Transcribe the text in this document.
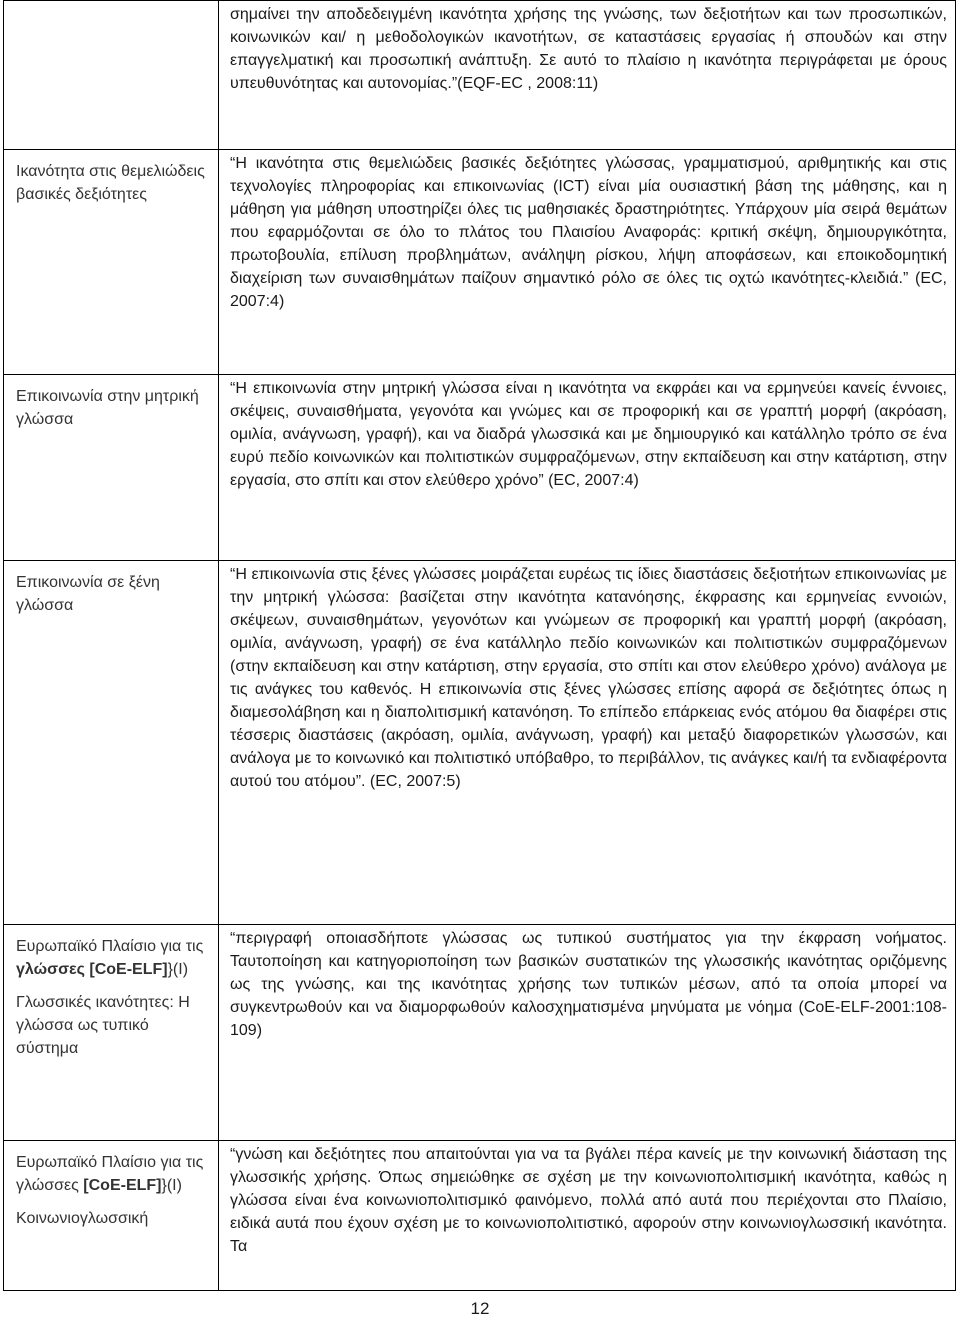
	σημαίνει την αποδεδειγμένη ικανότητα χρήσης της γνώσης, των δεξιοτήτων και των προσωπικών, κοινωνικών και/ η μεθοδολογικών ικανοτήτων, σε καταστάσεις εργασίας ή σπουδών και στην επαγγελματική και προσωπική ανάπτυξη. Σε αυτό το πλαίσιο η ικανότητα περιγράφεται με όρους υπευθυνότητας και αυτονομίας.”(EQF-EC , 2008:11)

Ικανότητα στις θεμελιώδεις βασικές δεξιότητες	“Η ικανότητα στις θεμελιώδεις βασικές δεξιότητες γλώσσας, γραμματισμού, αριθμητικής και στις τεχνολογίες πληροφορίας και επικοινωνίας (ICT) είναι μία ουσιαστική βάση της μάθησης, και η μάθηση για μάθηση υποστηρίζει όλες τις μαθησιακές δραστηριότητες. Υπάρχουν μία σειρά θεμάτων που εφαρμόζονται σε όλο το πλάτος του Πλαισίου Αναφοράς: κριτική σκέψη, δημιουργικότητα, πρωτοβουλία, επίλυση προβλημάτων, ανάληψη ρίσκου, λήψη αποφάσεων, και εποικοδομητική διαχείριση των συναισθημάτων παίζουν σημαντικό ρόλο σε όλες τις οχτώ ικανότητες-κλειδιά.” (EC, 2007:4)

Επικοινωνία στην μητρική γλώσσα	“Η επικοινωνία στην μητρική γλώσσα είναι η ικανότητα να εκφράει και να ερμηνεύει κανείς έννοιες, σκέψεις, συναισθήματα, γεγονότα και γνώμες και σε προφορική και σε γραπτή μορφή (ακρόαση, ομιλία, ανάγνωση, γραφή), και να διαδρά γλωσσικά και με δημιουργικό και κατάλληλο τρόπο σε ένα ευρύ πεδίο κοινωνικών και πολιτιστικών συμφραζόμενων, στην εκπαίδευση και στην κατάρτιση, στην εργασία, στο σπίτι και στον ελεύθερο χρόνο” (EC, 2007:4)

Επικοινωνία σε ξένη γλώσσα	“Η επικοινωνία στις ξένες γλώσσες μοιράζεται ευρέως τις ίδιες διαστάσεις δεξιοτήτων επικοινωνίας με την μητρική γλώσσα: βασίζεται στην ικανότητα κατανόησης, έκφρασης και ερμηνείας εννοιών, σκέψεων, συναισθημάτων, γεγονότων και γνώμεων σε προφορική και γραπτή μορφή (ακρόαση, ομιλία, ανάγνωση, γραφή) σε ένα κατάλληλο πεδίο κοινωνικών και πολιτιστικών συμφραζόμενων (στην εκπαίδευση και στην κατάρτιση, στην εργασία, στο σπίτι και στον ελεύθερο χρόνο) ανάλογα με τις ανάγκες του καθενός. Η επικοινωνία στις ξένες γλώσσες επίσης αφορά σε δεξιότητες όπως η διαμεσολάβηση και η διαπολιτισμική κατανόηση. Το επίπεδο επάρκειας ενός ατόμου θα διαφέρει στις τέσσερις διαστάσεις (ακρόαση, ομιλία, ανάγνωση, γραφή) και μεταξύ διαφορετικών γλωσσών, και ανάλογα με το κοινωνικό και πολιτιστικό υπόβαθρο, το περιβάλλον, τις ανάγκες και/ή τα ενδιαφέροντα αυτού του ατόμου”. (EC, 2007:5)

Ευρωπαϊκό Πλαίσιο για τις γλώσσες [CoE-ELF]}(I)
Γλωσσικές ικανότητες: Η γλώσσα ως τυπικό σύστημα	“περιγραφή οποιασδήποτε γλώσσας ως τυπικού συστήματος για την έκφραση νοήματος. Ταυτοποίηση και κατηγοριοποίηση των βασικών συστατικών της γλωσσικής ικανότητας οριζόμενης ως της γνώσης, και της ικανότητας χρήσης των τυπικών μέσων, από τα οποία μπορεί να συγκεντρωθούν και να διαμορφωθούν καλοσχηματισμένα μηνύματα με νόημα (CoE-ELF-2001:108-109)

Ευρωπαϊκό Πλαίσιο για τις γλώσσες [CoE-ELF]}(I)
Κοινωνιογλωσσική	“γνώση και δεξιότητες που απαιτούνται για να τα βγάλει πέρα κανείς με την κοινωνική διάσταση της γλωσσικής χρήσης. Όπως σημειώθηκε σε σχέση με την κοινωνιοπολιτισμική ικανότητα, καθώς η γλώσσα είναι ένα κοινωνιοπολιτισμικό φαινόμενο, πολλά από αυτά που περιέχονται στο Πλαίσιο, ειδικά αυτά που έχουν σχέση με το κοινωνιοπολιτιστικό, αφορούν στην κοινωνιογλωσσική ικανότητα. Τα

12
